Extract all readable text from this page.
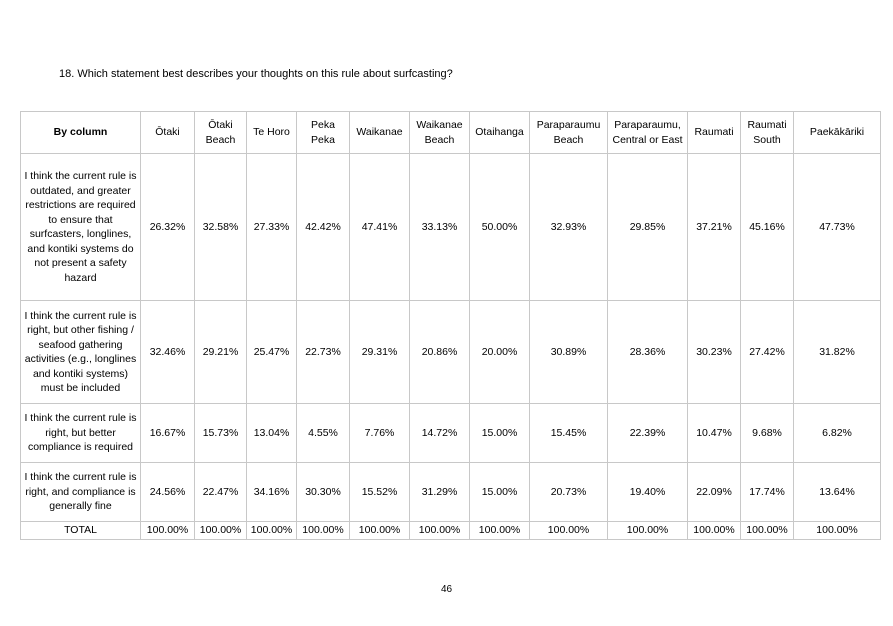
18. Which statement best describes your thoughts on this rule about surfcasting?
By column	Ōtaki	Ōtaki Beach	Te Horo	Peka Peka	Waikanae	Waikanae Beach	Otaihanga	Paraparaumu Beach	Paraparaumu, Central or East	Raumati	Raumati South	Paekākāriki
I think the current rule is outdated, and greater restrictions are required to ensure that surfcasters, longlines, and kontiki systems do not present a safety hazard	26.32%	32.58%	27.33%	42.42%	47.41%	33.13%	50.00%	32.93%	29.85%	37.21%	45.16%	47.73%
I think the current rule is right, but other fishing / seafood gathering activities (e.g., longlines and kontiki systems) must be included	32.46%	29.21%	25.47%	22.73%	29.31%	20.86%	20.00%	30.89%	28.36%	30.23%	27.42%	31.82%
I think the current rule is right, but better compliance is required	16.67%	15.73%	13.04%	4.55%	7.76%	14.72%	15.00%	15.45%	22.39%	10.47%	9.68%	6.82%
I think the current rule is right, and compliance is generally fine	24.56%	22.47%	34.16%	30.30%	15.52%	31.29%	15.00%	20.73%	19.40%	22.09%	17.74%	13.64%
TOTAL	100.00%	100.00%	100.00%	100.00%	100.00%	100.00%	100.00%	100.00%	100.00%	100.00%	100.00%	100.00%
46
